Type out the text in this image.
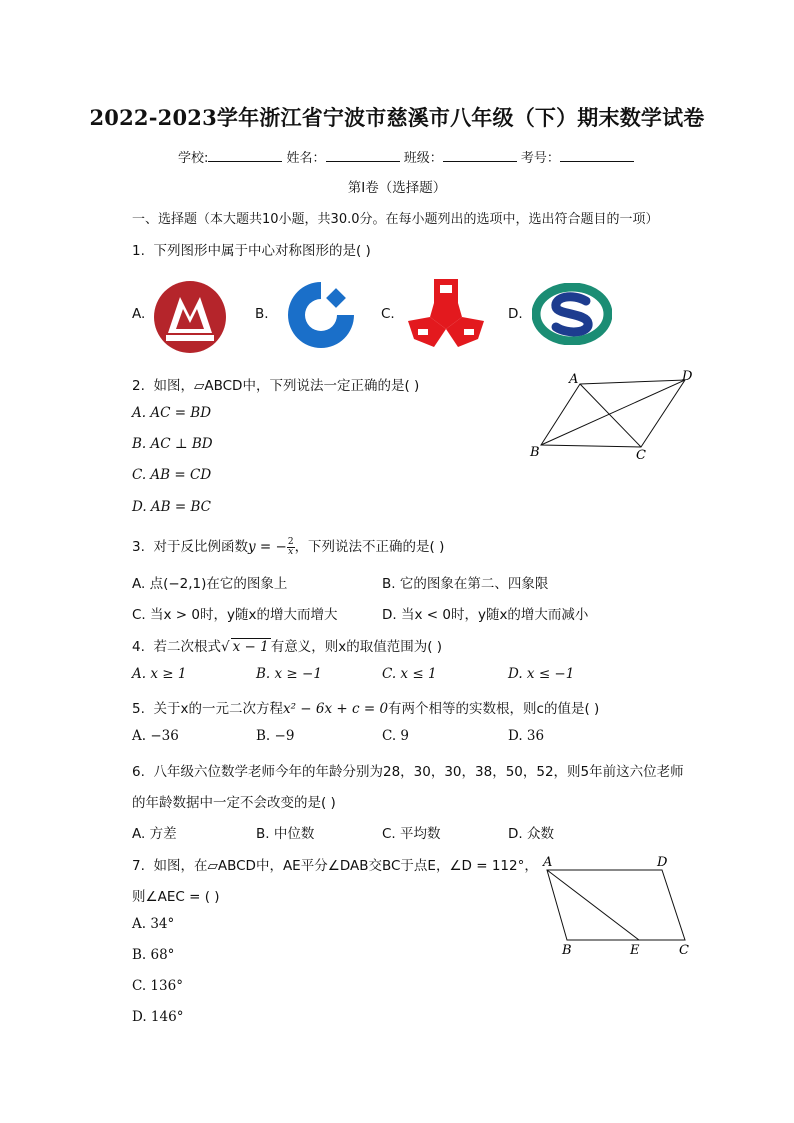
2022-2023学年浙江省宁波市慈溪市八年级（下）期末数学试卷
学校:	姓名：	班级：	考号：
第I卷（选择题）
一、选择题（本大题共10小题，共30.0分。在每小题列出的选项中，选出符合题目的一项）
1. 下列图形中属于中心对称图形的是( )
A.	B.	C.	D.
2. 如图，▱ABCD中，下列说法一定正确的是( )
A. AC = BD
B. AC ⊥ BD
C. AB = CD
D. AB = BC
A	D
B	C
3. 对于反比例函数y = − $\frac{2}{x}$ ，下列说法不正确的是( )
A. 点(−2,1)在它的图象上	B. 它的图象在第二、四象限
C. 当x > 0时，y随x的增大而增大	D. 当x < 0时，y随x的增大而减小
4. 若二次根式√ x − 1 有意义，则x的取值范围为( )
A. x ≥ 1	B. x ≥ −1	C. x ≤ 1	D. x ≤ −1
5. 关于x的一元二次方程x² − 6x + c = 0有两个相等的实数根，则c的值是( )
A. −36	B. −9	C. 9	D. 36
6. 八年级六位数学老师今年的年龄分别为28，30，30，38，50，52，则5年前这六位老师
的年龄数据中一定不会改变的是( )
A. 方差	B. 中位数	C. 平均数	D. 众数
7. 如图，在▱ABCD中，AE平分∠DAB交BC于点E，∠D = 112°，
则∠AEC = ( )
A. 34°
B. 68°
C. 136°
D. 146°
A	D
B	E	C
